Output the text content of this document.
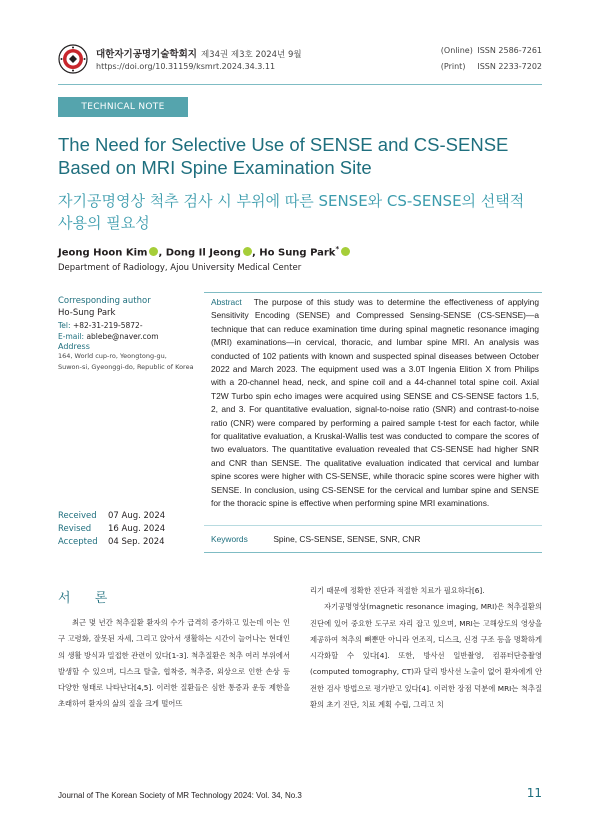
대한자기공명기술학회지 제34권 제3호 2024년 9월
https://doi.org/10.31159/ksmrt.2024.34.3.11
(Online) ISSN 2586-7261
(Print) ISSN 2233-7202
TECHNICAL NOTE
The Need for Selective Use of SENSE and CS-SENSE
Based on MRI Spine Examination Site
자기공명영상 척추 검사 시 부위에 따른 SENSE와 CS-SENSE의 선택적
사용의 필요성
Jeong Hoon Kim , Dong Il Jeong , Ho Sung Park*
Department of Radiology, Ajou University Medical Center
Corresponding author
Ho-Sung Park
Tel: +82-31-219-5872-
E-mail: ablebe@naver.com
Address
164, World cup-ro, Yeongtong-gu,
Suwon-si, Gyeonggi-do, Republic of Korea
Received	07 Aug. 2024
Revised	16 Aug. 2024
Accepted	04 Sep. 2024
Abstract The purpose of this study was to determine the effectiveness of applying Sensitivity Encoding (SENSE) and Compressed Sensing-SENSE (CS-SENSE)—a technique that can reduce examination time during spinal magnetic resonance imaging (MRI) examinations—in cervical, thoracic, and lumbar spine MRI. An analysis was conducted of 102 patients with known and suspected spinal diseases between October 2022 and March 2023. The equipment used was a 3.0T Ingenia Elition X from Philips with a 20-channel head, neck, and spine coil and a 44-channel total spine coil. Axial T2W Turbo spin echo images were acquired using SENSE and CS-SENSE factors 1.5, 2, and 3. For quantitative evaluation, signal-to-noise ratio (SNR) and contrast-to-noise ratio (CNR) were compared by performing a paired sample t-test for each factor, while for qualitative evaluation, a Kruskal-Wallis test was conducted to compare the scores of two evaluators. The quantitative evaluation revealed that CS-SENSE had higher SNR and CNR than SENSE. The qualitative evaluation indicated that cervical and lumbar spine scores were higher with CS-SENSE, while thoracic spine scores were higher with SENSE. In conclusion, using CS-SENSE for the cervical and lumbar spine and SENSE for the thoracic spine is effective when performing spine MRI examinations.
Keywords	Spine, CS-SENSE, SENSE, SNR, CNR
서 론

최근 몇 년간 척추질환 환자의 수가 급격히 증가하고 있는데 이는 인구 고령화, 잘못된 자세, 그리고 앉아서 생활하는 시간이 늘어나는 현대인의 생활 방식과 밀접한 관련이 있다[1-3]. 척추질환은 척추 여러 부위에서 발생할 수 있으며, 디스크 탈출, 협착증, 척추증, 외상으로 인한 손상 등 다양한 형태로 나타난다[4,5]. 이러한 질환들은 심한 통증과 운동 제한을 초래하여 환자의 삶의 질을 크게 떨어뜨

리기 때문에 정확한 진단과 적절한 치료가 필요하다[6].

자기공명영상(magnetic resonance imaging, MRI)은 척추질환의 진단에 있어 중요한 도구로 자리 잡고 있으며, MRI는 고해상도의 영상을 제공하여 척추의 뼈뿐만 아니라 연조직, 디스크, 신경 구조 등을 명확하게 시각화할 수 있다[4]. 또한, 방사선 일반촬영, 컴퓨터단층촬영(computed tomography, CT)과 달리 방사선 노출이 없어 환자에게 안전한 검사 방법으로 평가받고 있다[4]. 이러한 장점 덕분에 MRI는 척추질환의 초기 진단, 치료 계획 수립, 그리고 치

Journal of The Korean Society of MR Technology 2024: Vol. 34, No.3	11
